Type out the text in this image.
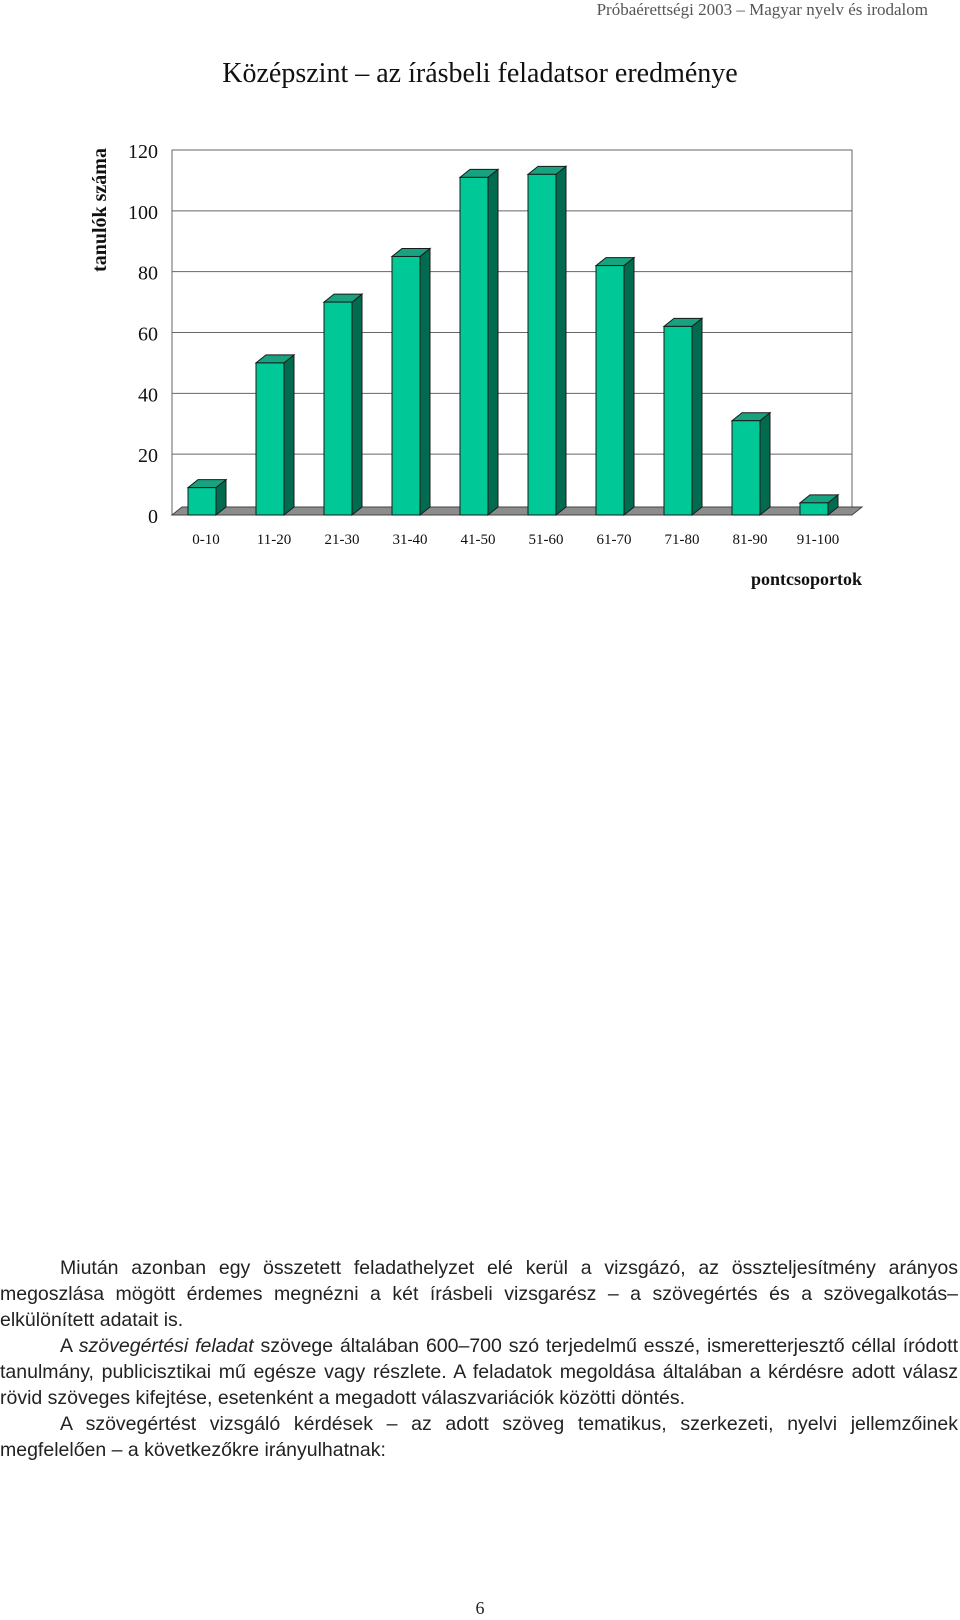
Próbaérettségi 2003 – Magyar nyelv és irodalom
Középszint – az írásbeli feladatsor eredménye
0
20
40
60
80
100
120
0-10 11-20 21-30 31-40 41-50 51-60 61-70 71-80 81-90 91-100
tanulók száma
pontcsoportok

Miután azonban egy összetett feladathelyzet elé kerül a vizsgázó, az összteljesítmény arányos megoszlása mögött érdemes megnézni a két írásbeli vizsgarész – a szövegértés és a szövegalkotás– elkülönített adatait is.

A szövegértési feladat szövege általában 600–700 szó terjedelmű esszé, ismeretterjesztő céllal íródott tanulmány, publicisztikai mű egésze vagy részlete. A feladatok megoldása általában a kérdésre adott válasz rövid szöveges kifejtése, esetenként a megadott válaszvariációk közötti döntés.

A szövegértést vizsgáló kérdések – az adott szöveg tematikus, szerkezeti, nyelvi jellemzőinek megfelelően – a következőkre irányulhatnak:

6
